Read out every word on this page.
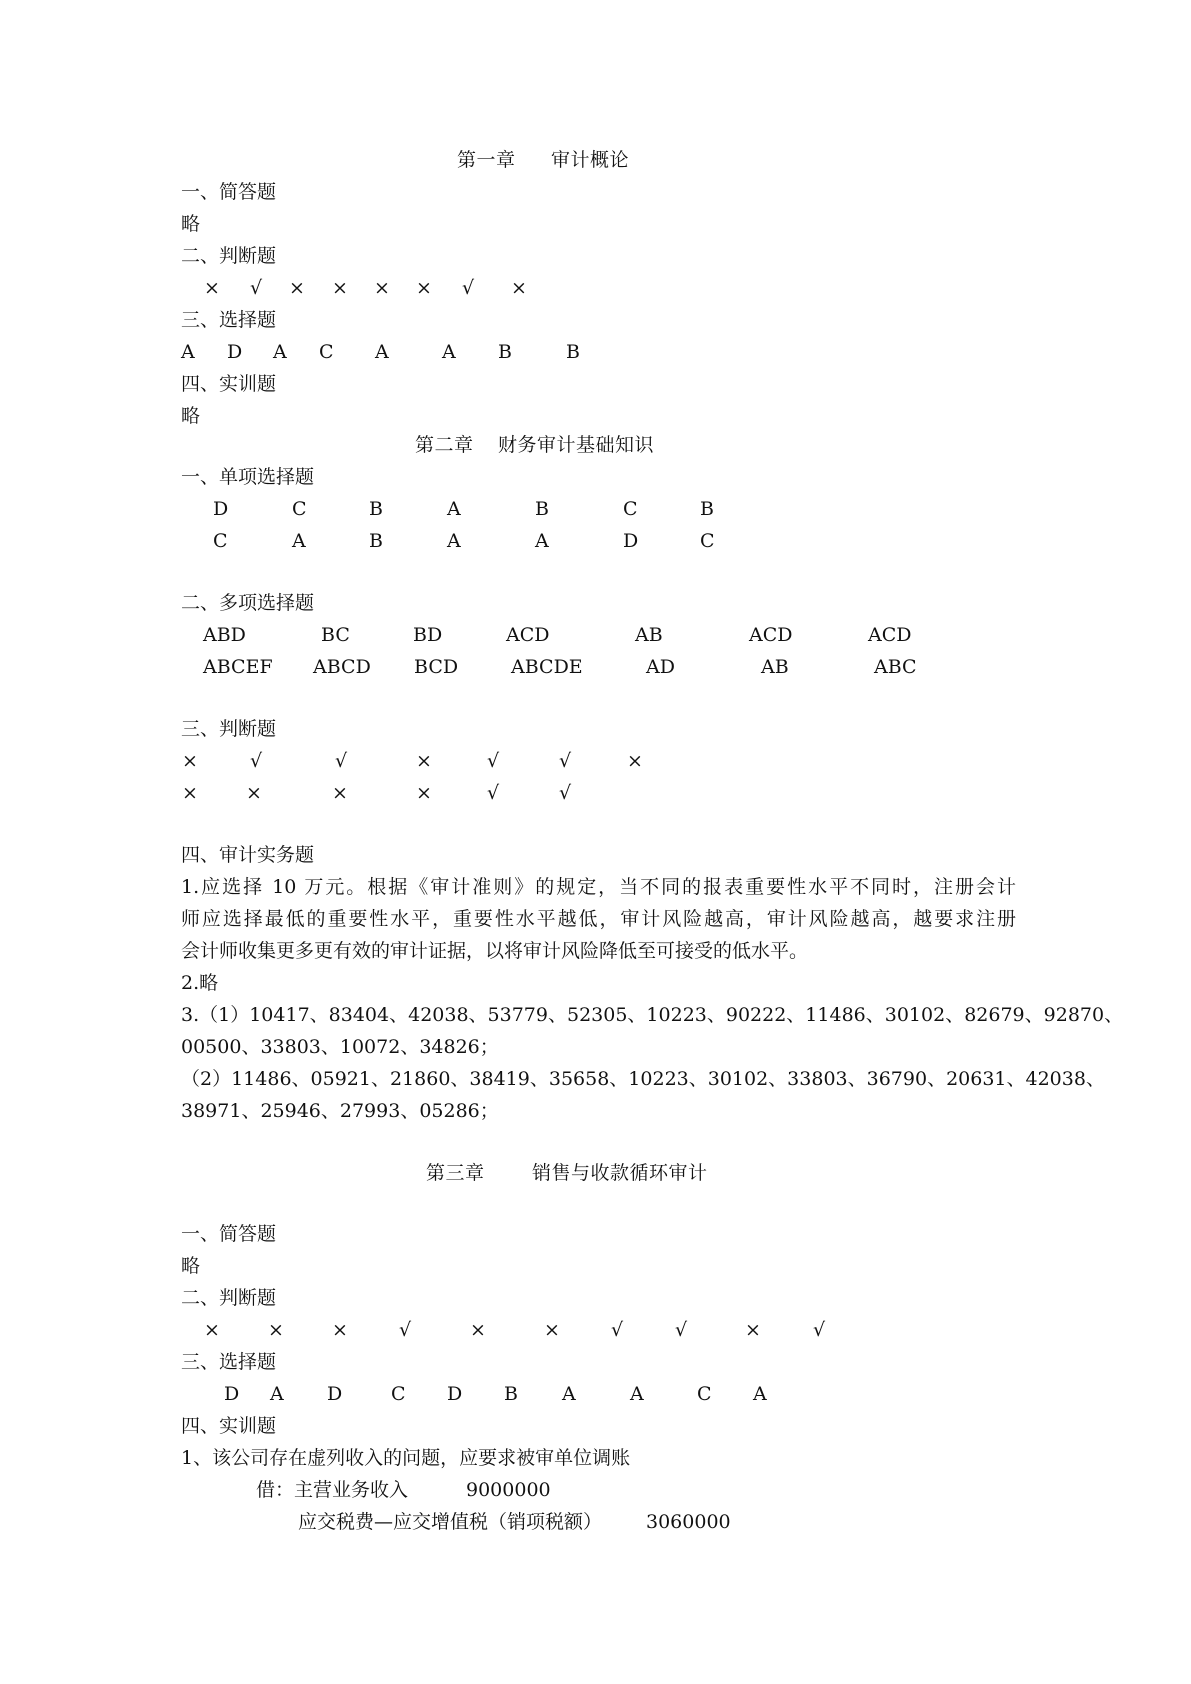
第一章 审计概论
一、简答题
略
二、判断题
× √ × × × × √ ×
三、选择题
A D A C A	A B	B
四、实训题
略
第二章 财务审计基础知识
一、单项选择题
D	C	B	A	B	C	B
C	A	B	A	A	D	C
二、多项选择题
ABD	BC	BD	ACD	AB	ACD	ACD
ABCEF ABCD BCD	ABCDE	AD	AB	ABC
三、判断题
×	√	√	×	√	√	×
×	×	×	×	√	√
四、审计实务题
1.应选择 10 万元。根据《审计准则》的规定，当不同的报表重要性水平不同时，注册会计
师应选择最低的重要性水平，重要性水平越低，审计风险越高，审计风险越高，越要求注册
会计师收集更多更有效的审计证据，以将审计风险降低至可接受的低水平。
2.略
3.（1）10417、83404、42038、53779、52305、10223、90222、11486、30102、82679、92870、
00500、33803、10072、34826；
（2）11486、05921、21860、38419、35658、10223、30102、33803、36790、20631、42038、
38971、25946、27993、05286；
第三章 销售与收款循环审计
一、简答题
略
二、判断题
×	×	×	√	×	×	√	√	×	√
三、选择题
D A D	C D B A	A	C A
四、实训题
1、该公司存在虚列收入的问题，应要求被审单位调账
借：主营业务收入	9000000
应交税费—应交增值税（销项税额） 3060000
